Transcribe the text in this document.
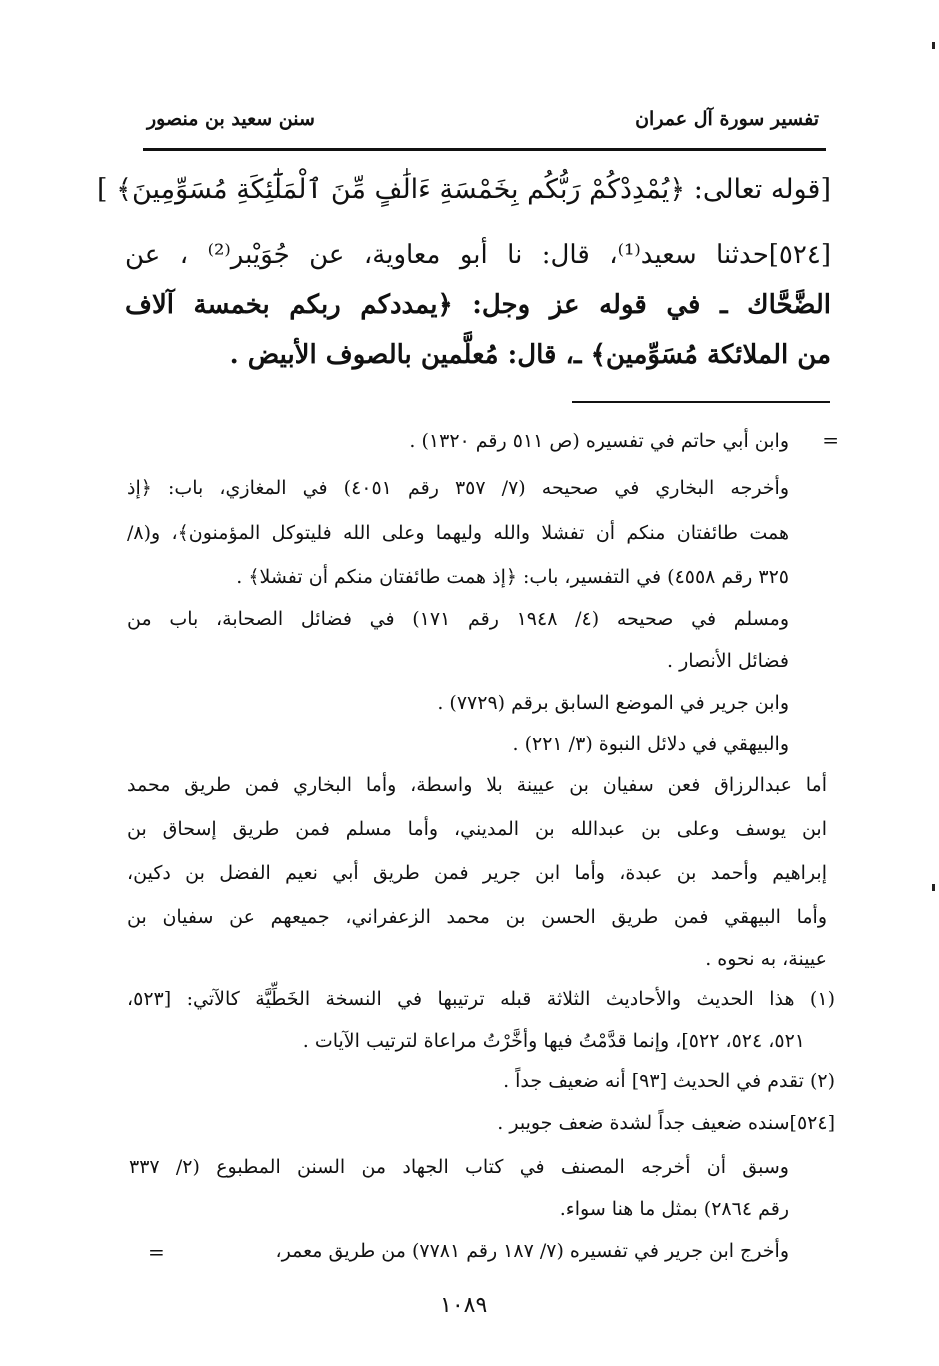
تفسير سورة آل عمران
سنن سعيد بن منصور
[قوله تعالى: ﴿يُمْدِدْكُمْ رَبُّكُم بِخَمْسَةِ ءَالَٰفٍ مِّنَ ٱلْمَلَٰٓئِكَةِ مُسَوِّمِينَ﴾ ]
[٥٢٤]حدثنا سعيد⁽¹⁾، قال: نا أبو معاوية، عن جُوَيْبر⁽²⁾ ، عن
الضَّحَّاك ـ في قوله عز وجل: ﴿يمددكم ربكم بخمسة آلاف
من الملائكة مُسَوِّمين﴾ ـ، قال: مُعلَّمين بالصوف الأبيض .
=
وابن أبي حاتم في تفسيره (ص ٥١١ رقم ١٣٢٠) .
وأخرجه البخاري في صحيحه (٧/ ٣٥٧ رقم ٤٠٥١) في المغازي، باب: ﴿إذ
همت طائفتان منكم أن تفشلا والله وليهما وعلى الله فليتوكل المؤمنون﴾، و(٨/
٣٢٥ رقم ٤٥٥٨) في التفسير، باب: ﴿إذ همت طائفتان منكم أن تفشلا﴾ .
ومسلم في صحيحه (٤/ ١٩٤٨ رقم ١٧١) في فضائل الصحابة، باب من
فضائل الأنصار .
وابن جرير في الموضع السابق برقم (٧٧٢٩) .
والبيهقي في دلائل النبوة (٣/ ٢٢١) .
أما عبدالرزاق فعن سفيان بن عيينة بلا واسطة، وأما البخاري فمن طريق محمد
ابن يوسف وعلى بن عبدالله بن المديني، وأما مسلم فمن طريق إسحاق بن
إبراهيم وأحمد بن عبدة، وأما ابن جرير فمن طريق أبي نعيم الفضل بن دكين،
وأما البيهقي فمن طريق الحسن بن محمد الزعفراني، جميعهم عن سفيان بن
عيينة، به نحوه .
(١) هذا الحديث والأحاديث الثلاثة قبله ترتيبها في النسخة الخَطِّيَّة كالآتي: [٥٢٣،
٥٢١، ٥٢٤، ٥٢٢]، وإنما قدَّمْتُ فيها وأخَّرْتُ مراعاة لترتيب الآيات .
(٢) تقدم في الحديث [٩٣] أنه ضعيف جداً .
[٥٢٤]سنده ضعيف جداً لشدة ضعف جويبر .
وسبق أن أخرجه المصنف في كتاب الجهاد من السنن المطبوع (٢/ ٣٣٧
رقم ٢٨٦٤) بمثل ما هنا سواء.
وأخرج ابن جرير في تفسيره (٧/ ١٨٧ رقم ٧٧٨١) من طريق معمر،
=
١٠٨٩
